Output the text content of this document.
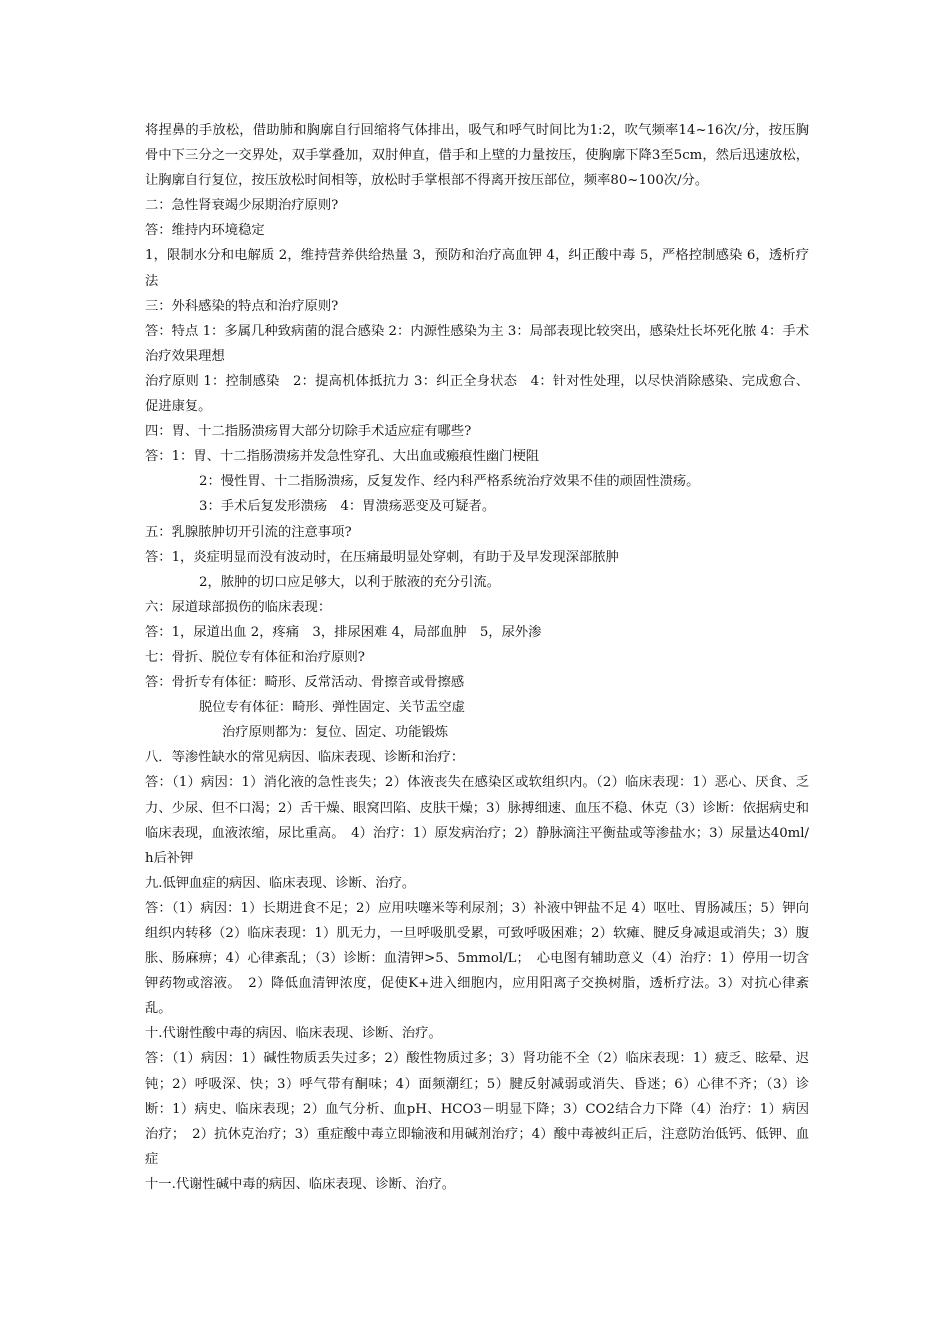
将捏鼻的手放松，借助肺和胸廓自行回缩将气体排出，吸气和呼气时间比为1:2，吹气频率14~16次/分，按压胸骨中下三分之一交界处，双手掌叠加，双肘伸直，借手和上壁的力量按压，使胸廓下降3至5cm，然后迅速放松，让胸廓自行复位，按压放松时间相等，放松时手掌根部不得离开按压部位，频率80~100次/分。

二：急性肾衰竭少尿期治疗原则?

答：维持内环境稳定

1，限制水分和电解质 2，维持营养供给热量 3，预防和治疗高血钾 4，纠正酸中毒 5，严格控制感染 6，透析疗法

三：外科感染的特点和治疗原则?

答：特点 1：多属几种致病菌的混合感染 2：内源性感染为主 3：局部表现比较突出，感染灶长坏死化脓 4：手术治疗效果理想

治疗原则 1：控制感染　2：提高机体抵抗力 3：纠正全身状态　4：针对性处理，以尽快消除感染、完成愈合、促进康复。

四：胃、十二指肠溃疡胃大部分切除手术适应症有哪些?

答：1：胃、十二指肠溃疡并发急性穿孔、大出血或瘢痕性幽门梗阻

2：慢性胃、十二指肠溃疡，反复发作、经内科严格系统治疗效果不佳的顽固性溃疡。

3：手术后复发形溃疡　4：胃溃疡恶变及可疑者。

五：乳腺脓肿切开引流的注意事项?

答：1，炎症明显而没有波动时，在压痛最明显处穿刺，有助于及早发现深部脓肿

2，脓肿的切口应足够大，以利于脓液的充分引流。

六：尿道球部损伤的临床表现：

答：1，尿道出血 2，疼痛　3，排尿困难 4，局部血肿　5，尿外渗

七：骨折、脱位专有体征和治疗原则?

答：骨折专有体征：畸形、反常活动、骨擦音或骨擦感

脱位专有体征：畸形、弹性固定、关节盂空虚

治疗原则都为：复位、固定、功能锻炼

八．等渗性缺水的常见病因、临床表现、诊断和治疗：

答：（1）病因：1）消化液的急性丧失；2）体液丧失在感染区或软组织内。（2）临床表现：1）恶心、厌食、乏力、少尿、但不口渴；2）舌干燥、眼窝凹陷、皮肤干燥；3）脉搏细速、血压不稳、休克（3）诊断：依据病史和临床表现，血液浓缩，尿比重高。　4）治疗：1）原发病治疗；2）静脉滴注平衡盐或等渗盐水；3）尿量达40ml/h后补钾

九.低钾血症的病因、临床表现、诊断、治疗。

答：（1）病因：1）长期进食不足；2）应用呋噻米等利尿剂；3）补液中钾盐不足 4）呕吐、胃肠减压；5）钾向组织内转移（2）临床表现：1）肌无力，一旦呼吸肌受累，可致呼吸困难；2）软瘫、腱反身减退或消失；3）腹胀、肠麻痹；4）心律紊乱；（3）诊断：血清钾>5、5mmol/L；　心电图有辅助意义（4）治疗：1）停用一切含钾药物或溶液。　2）降低血清钾浓度，促使K+进入细胞内，应用阳离子交换树脂，透析疗法。3）对抗心律紊乱。

十.代谢性酸中毒的病因、临床表现、诊断、治疗。

答：（1）病因：1）碱性物质丢失过多；2）酸性物质过多；3）肾功能不全（2）临床表现：1）疲乏、眩晕、迟钝；2）呼吸深、快；3）呼气带有酮味；4）面频潮红；5）腱反射减弱或消失、昏迷；6）心律不齐；（3）诊断：1）病史、临床表现；2）血气分析、血pH、HCO3－明显下降；3）CO2结合力下降（4）治疗：1）病因治疗；　2）抗休克治疗；3）重症酸中毒立即输液和用碱剂治疗；4）酸中毒被纠正后，注意防治低钙、低钾、血症

十一.代谢性碱中毒的病因、临床表现、诊断、治疗。
